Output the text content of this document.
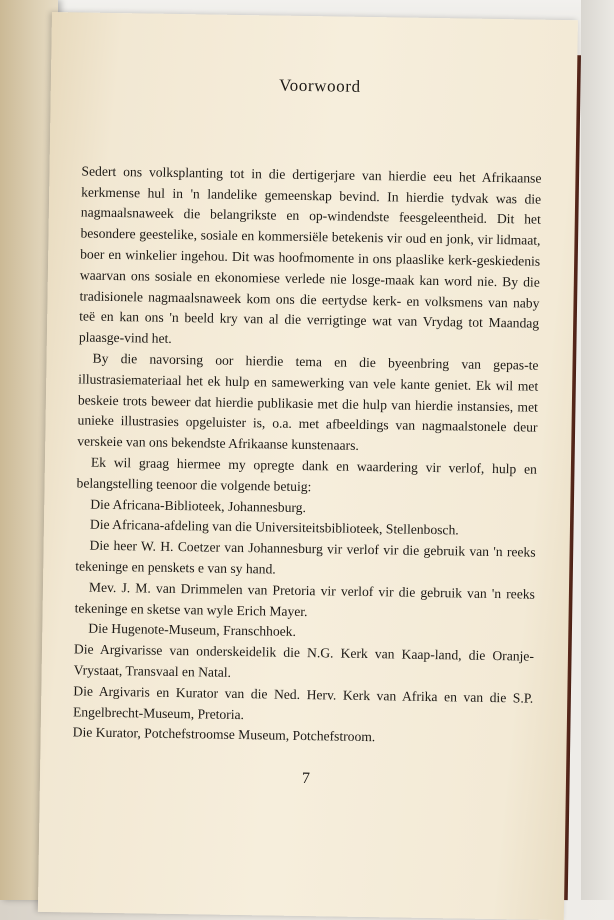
Voorwoord

Sedert ons volksplanting tot in die dertigerjare van hierdie eeu het Afrikaanse kerkmense hul in 'n landelike gemeenskap bevind. In hierdie tydvak was die nagmaalsnaweek die belangrikste en op-windendste feesgeleentheid. Dit het besondere geestelike, sosiale en kommersiële betekenis vir oud en jonk, vir lidmaat, boer en winkelier ingehou. Dit was hoofmomente in ons plaaslike kerk-geskiedenis waarvan ons sosiale en ekonomiese verlede nie losge-maak kan word nie. By die tradisionele nagmaalsnaweek kom ons die eertydse kerk- en volksmens van naby teë en kan ons 'n beeld kry van al die verrigtinge wat van Vrydag tot Maandag plaasge-vind het.

By die navorsing oor hierdie tema en die byeenbring van gepas-te illustrasiemateriaal het ek hulp en samewerking van vele kante geniet. Ek wil met beskeie trots beweer dat hierdie publikasie met die hulp van hierdie instansies, met unieke illustrasies opgeluister is, o.a. met afbeeldings van nagmaalstonele deur verskeie van ons bekendste Afrikaanse kunstenaars.

Ek wil graag hiermee my opregte dank en waardering vir verlof, hulp en belangstelling teenoor die volgende betuig:

Die Africana-Biblioteek, Johannesburg.

Die Africana-afdeling van die Universiteitsbiblioteek, Stellenbosch.

Die heer W. H. Coetzer van Johannesburg vir verlof vir die gebruik van 'n reeks tekeninge en penskets e van sy hand.

Mev. J. M. van Drimmelen van Pretoria vir verlof vir die gebruik van 'n reeks tekeninge en sketse van wyle Erich Mayer.

Die Hugenote-Museum, Franschhoek.

Die Argivarisse van onderskeidelik die N.G. Kerk van Kaap-land, die Oranje-Vrystaat, Transvaal en Natal.

Die Argivaris en Kurator van die Ned. Herv. Kerk van Afrika en van die S.P. Engelbrecht-Museum, Pretoria.

Die Kurator, Potchefstroomse Museum, Potchefstroom.

7
